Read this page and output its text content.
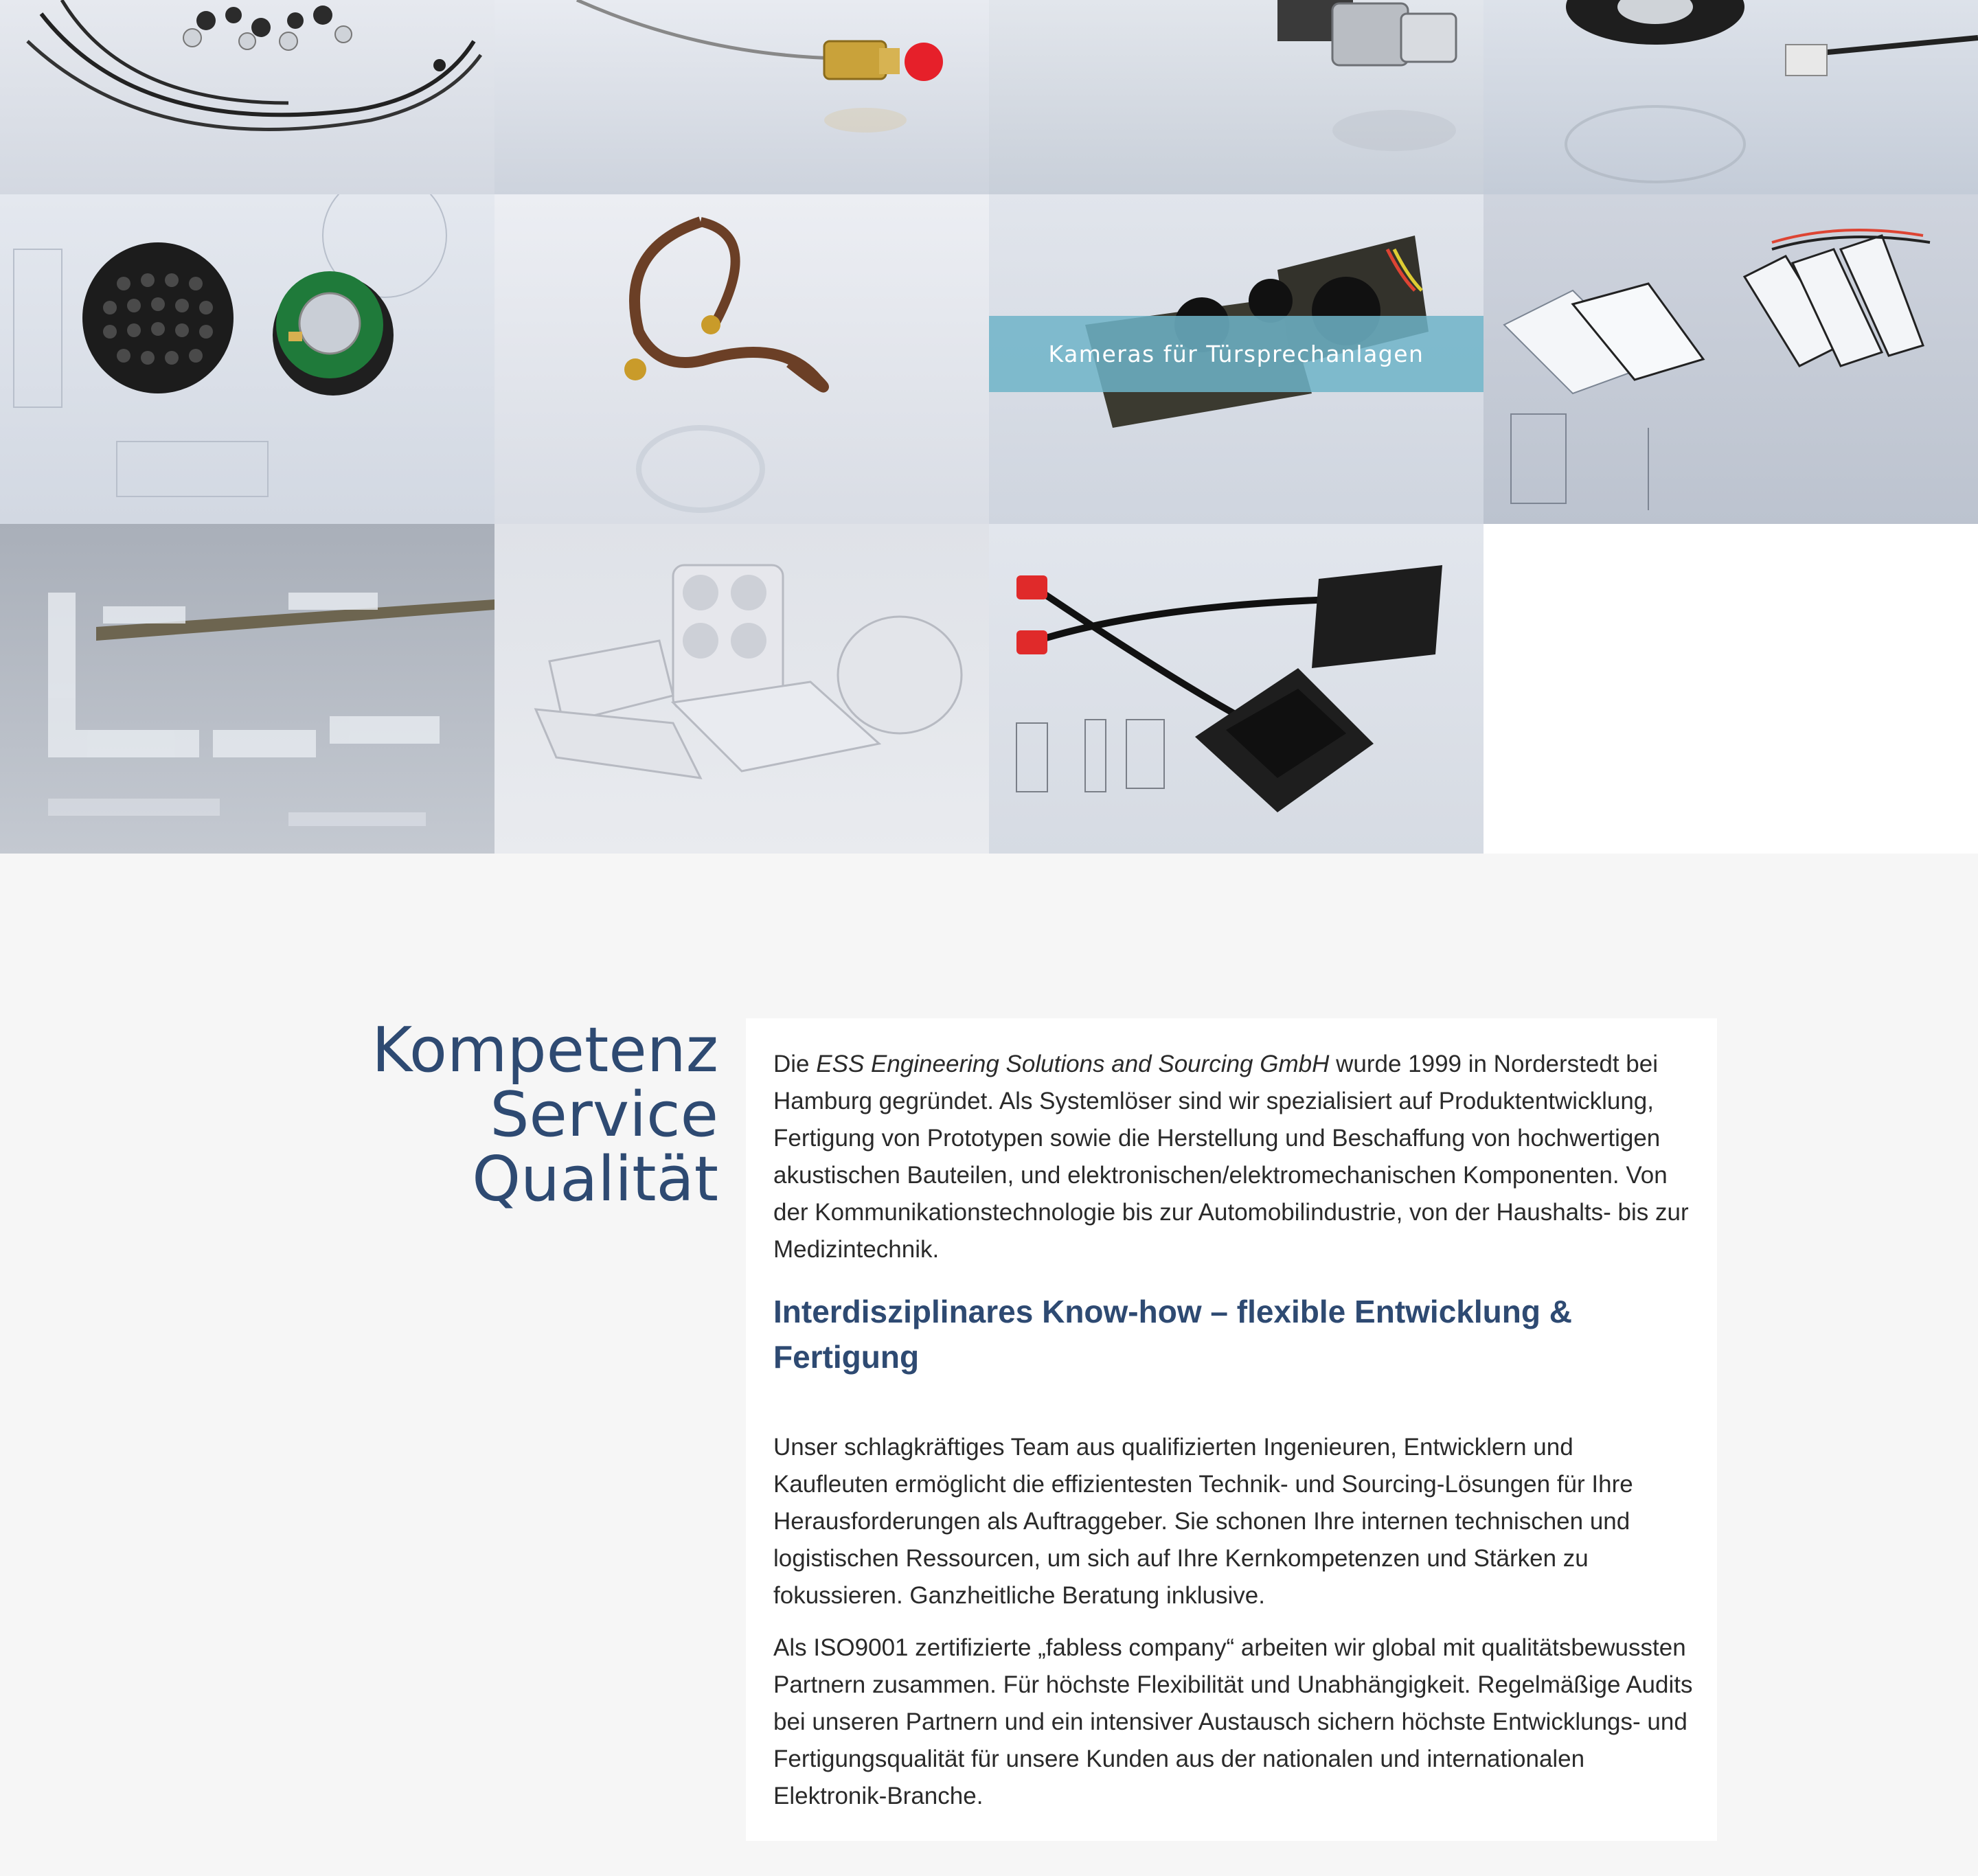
Kameras für Türsprechanlagen
Kompetenz
Service
Qualität

Die ESS Engineering Solutions and Sourcing GmbH wurde 1999 in Norderstedt bei Hamburg gegründet. Als Systemlöser sind wir spezialisiert auf Produktentwicklung, Fertigung von Prototypen sowie die Herstellung und Beschaffung von hochwertigen akustischen Bauteilen, und elektronischen/elektromechanischen Komponenten. Von der Kommunikationstechnologie bis zur Automobilindustrie, von der Haushalts- bis zur Medizintechnik.

Interdisziplinares Know-how – flexible Entwicklung & Fertigung

Unser schlagkräftiges Team aus qualifizierten Ingenieuren, Entwicklern und Kaufleuten ermöglicht die effizientesten Technik- und Sourcing-Lösungen für Ihre Herausforderungen als Auftraggeber. Sie schonen Ihre internen technischen und logistischen Ressourcen, um sich auf Ihre Kernkompetenzen und Stärken zu fokussieren. Ganzheitliche Beratung inklusive.

Als ISO9001 zertifizierte „fabless company“ arbeiten wir global mit qualitätsbewussten Partnern zusammen. Für höchste Flexibilität und Unabhängigkeit. Regelmäßige Audits bei unseren Partnern und ein intensiver Austausch sichern höchste Entwicklungs- und Fertigungsqualität für unsere Kunden aus der nationalen und internationalen Elektronik-Branche.
